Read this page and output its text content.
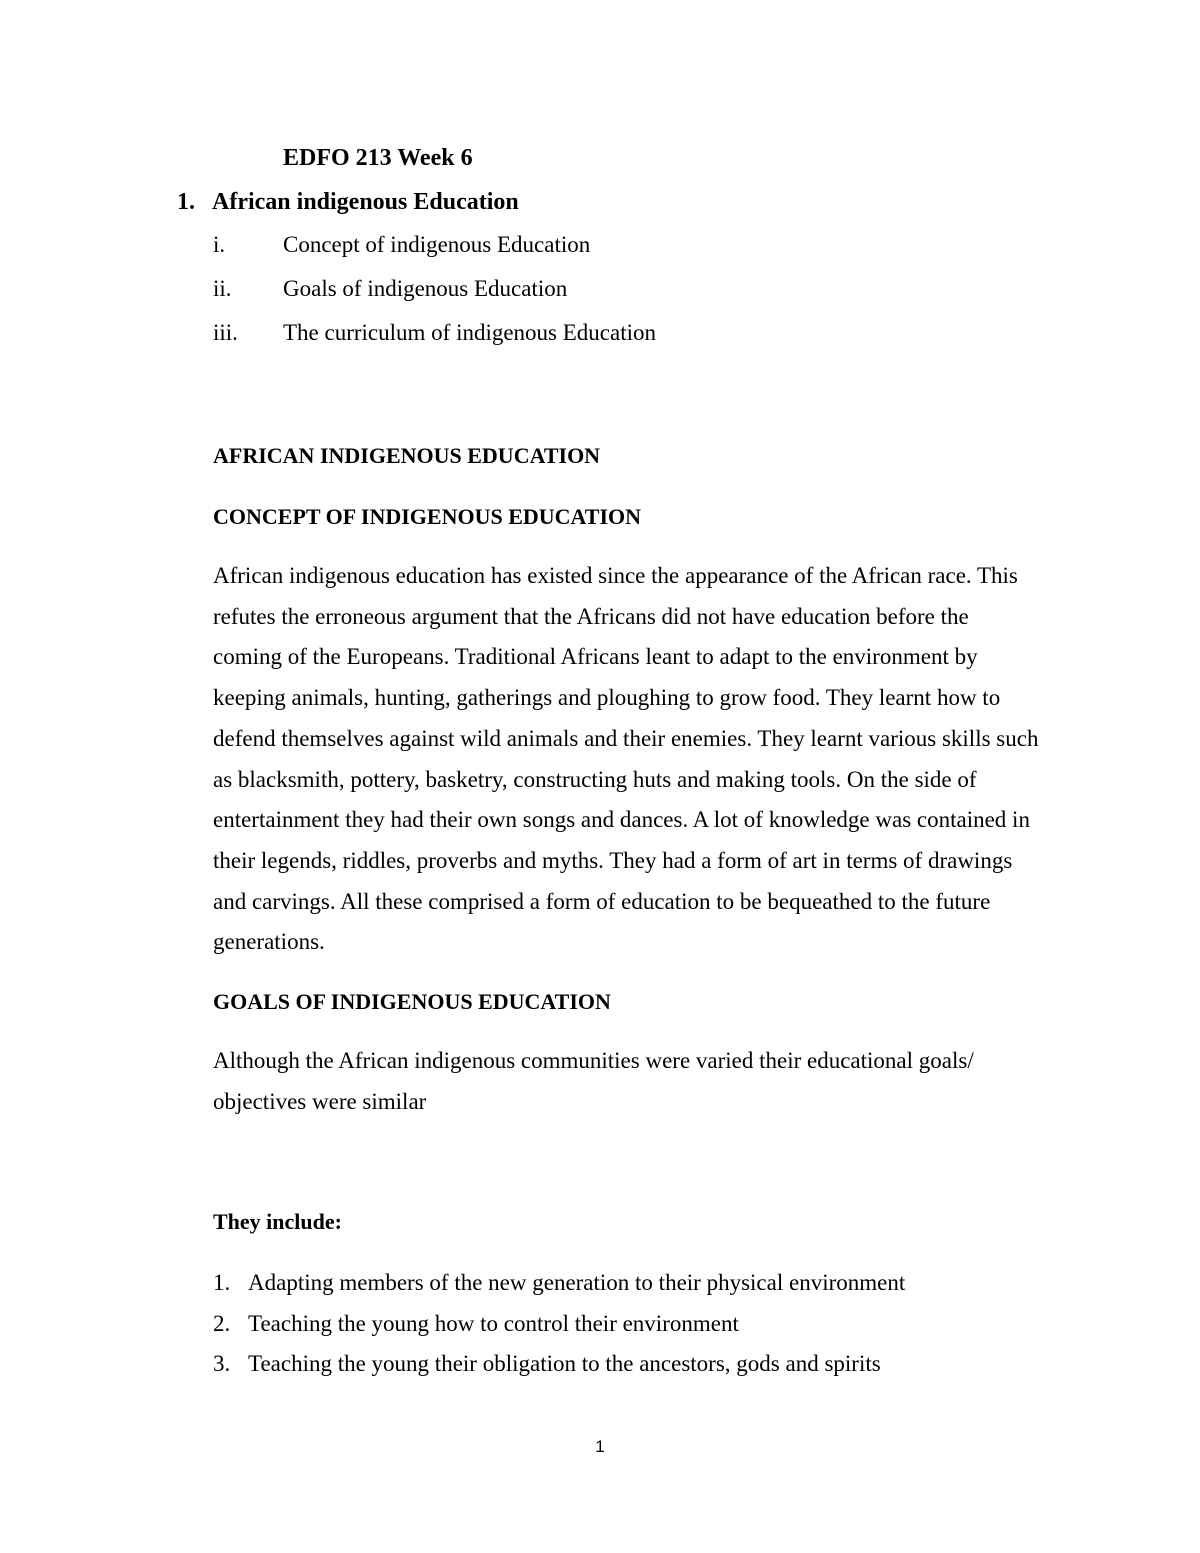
EDFO 213 Week 6
1. African indigenous Education
i.	Concept of indigenous Education
ii. Goals of indigenous Education
iii. The curriculum of indigenous Education
AFRICAN INDIGENOUS EDUCATION
CONCEPT OF INDIGENOUS EDUCATION

African indigenous education has existed since the appearance of the African race. This
refutes the erroneous argument that the Africans did not have education before the
coming of the Europeans. Traditional Africans leant to adapt to the environment by
keeping animals, hunting, gatherings and ploughing to grow food. They learnt how to
defend themselves against wild animals and their enemies. They learnt various skills such
as blacksmith, pottery, basketry, constructing huts and making tools. On the side of
entertainment they had their own songs and dances. A lot of knowledge was contained in
their legends, riddles, proverbs and myths. They had a form of art in terms of drawings
and carvings. All these comprised a form of education to be bequeathed to the future
generations.

GOALS OF INDIGENOUS EDUCATION

Although the African indigenous communities were varied their educational goals/
objectives were similar

They include:
1. Adapting members of the new generation to their physical environment
2. Teaching the young how to control their environment
3. Teaching the young their obligation to the ancestors, gods and spirits
1
